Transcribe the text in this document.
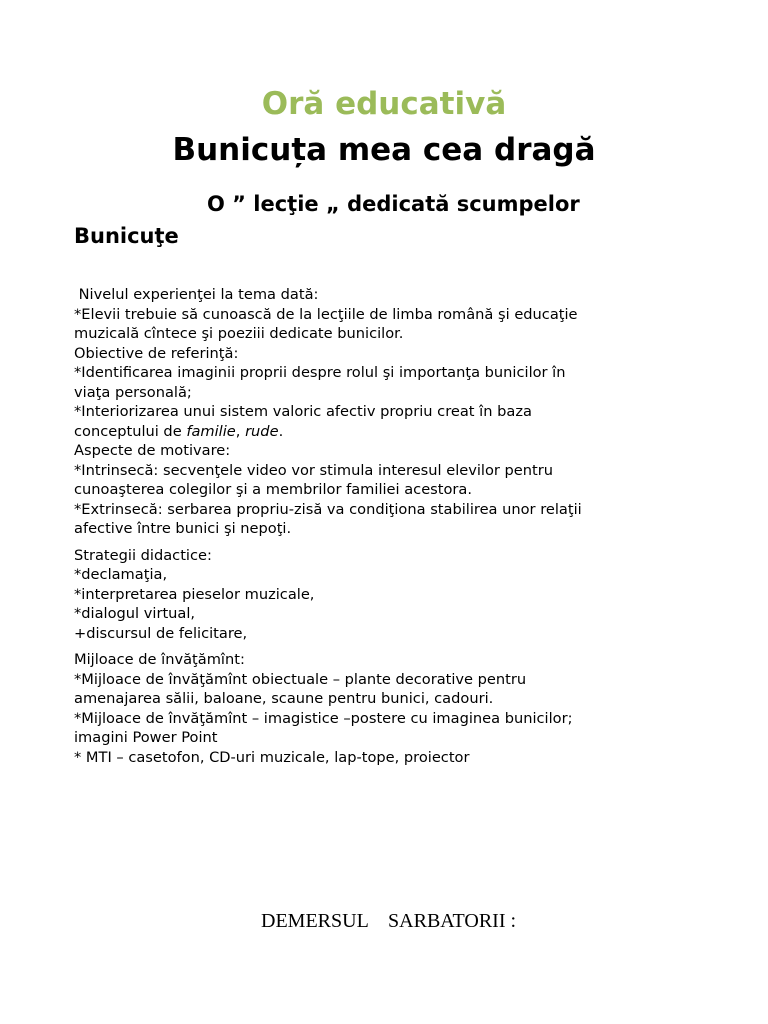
Oră educativă
Bunicuța mea cea dragă
O ” lecţie „ dedicată scumpelor
Bunicuţe

Nivelul experienţei la tema dată:

*Elevii trebuie să cunoască de la lecţiile de limba română şi educaţie

muzicală cîntece şi poeziii dedicate bunicilor.

Obiective de referinţă:

*Identificarea imaginii proprii despre rolul şi importanţa bunicilor în

viaţa personală;

*Interiorizarea unui sistem valoric afectiv propriu creat în baza

conceptului de familie, rude.

Aspecte de motivare:

*Intrinsecă: secvenţele video vor stimula interesul elevilor pentru

cunoaşterea colegilor şi a membrilor familiei acestora.

*Extrinsecă: serbarea propriu-zisă va condiţiona stabilirea unor relaţii

afective între bunici şi nepoţi.

Strategii didactice:

*declamaţia,

*interpretarea pieselor muzicale,

*dialogul virtual,

+discursul de felicitare,

Mijloace de învăţămînt:

*Mijloace de învăţămînt obiectuale – plante decorative pentru

amenajarea sălii, baloane, scaune pentru bunici, cadouri.

*Mijloace de învăţămînt – imagistice –postere cu imaginea bunicilor;

imagini Power Point

* MTI – casetofon, CD-uri muzicale, lap-tope, proiector

DEMERSUL    SARBATORII :
